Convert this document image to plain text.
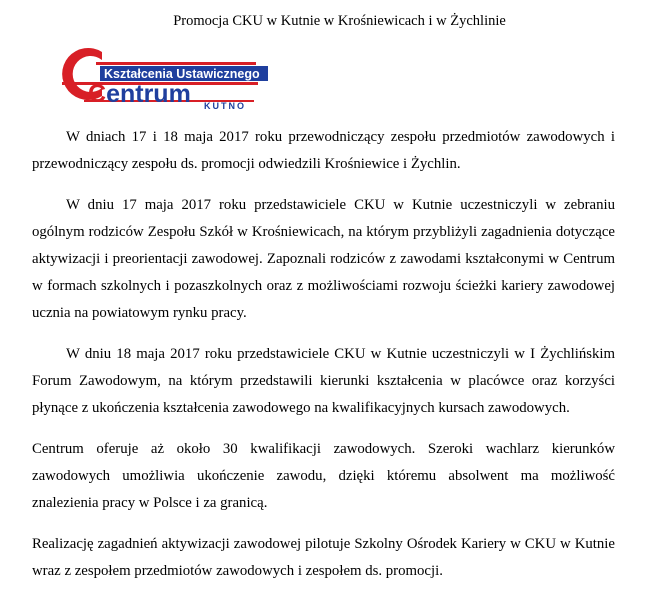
Promocja CKU w Kutnie w Krośniewicach i w Żychlinie
Kształcenia Ustawicznego
Centrum KUTNO

W dniach 17 i 18 maja 2017 roku przewodniczący zespołu przedmiotów zawodowych i przewodniczący zespołu ds. promocji odwiedzili Krośniewice i Żychlin.

W dniu 17 maja 2017 roku przedstawiciele CKU w Kutnie uczestniczyli w zebraniu ogólnym rodziców Zespołu Szkół w Krośniewicach, na którym przybliżyli zagadnienia dotyczące aktywizacji i preorientacji zawodowej. Zapoznali rodziców z zawodami kształconymi w Centrum w formach szkolnych i pozaszkolnych oraz z możliwościami rozwoju ścieżki kariery zawodowej ucznia na powiatowym rynku pracy.

W dniu 18 maja 2017 roku przedstawiciele CKU w Kutnie uczestniczyli w I Żychlińskim Forum Zawodowym, na którym przedstawili kierunki kształcenia w placówce oraz korzyści płynące z ukończenia kształcenia zawodowego na kwalifikacyjnych kursach zawodowych.

Centrum oferuje aż około 30 kwalifikacji zawodowych. Szeroki wachlarz kierunków zawodowych umożliwia ukończenie zawodu, dzięki któremu absolwent ma możliwość znalezienia pracy w Polsce i za granicą.

Realizację zagadnień aktywizacji zawodowej pilotuje Szkolny Ośrodek Kariery w CKU w Kutnie wraz z zespołem przedmiotów zawodowych i zespołem ds. promocji.
